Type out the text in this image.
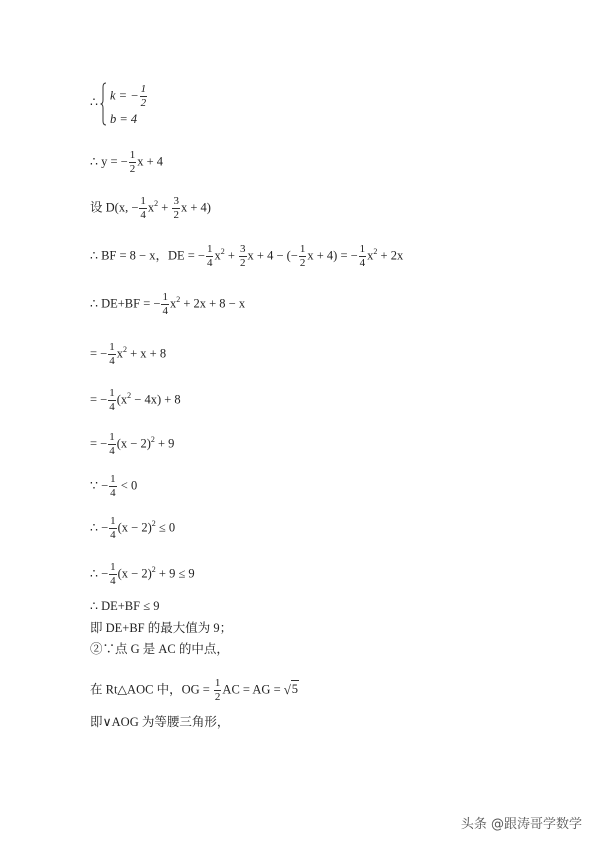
∴ k = − $\frac{1}{2}$
b = 4
∴ y = − $\frac{1}{2}$ x + 4
设 D(x, − $\frac{1}{4} x^2 + \frac{3}{2}$ x + 4)
∴ BF = 8 − x，DE = − $\frac{1}{4} x^2 + \frac{3}{2}$ x + 4 − (− $\frac{1}{2}$ x + 4) = − $\frac{1}{4} x^2 + 2x$
∴ DE+BF = − $\frac{1}{4} x^2 + 2x + 8 - x$
= − $\frac{1}{4} x^2 + x + 8$
= − $\frac{1}{4} (x^2 - 4x) + 8$
= − $\frac{1}{4} (x - 2)^2 + 9$
∵ − $\frac{1}{4} < 0$
∴ − $\frac{1}{4} (x - 2)^2 \le 0$
∴ − $\frac{1}{4} (x - 2)^2 + 9 \le 9$
∴ DE+BF ≤ 9
即 DE+BF 的最大值为 9；
②∵点 G 是 AC 的中点，
在 Rt△AOC 中，OG = $\frac{1}{2}$ AC = AG = √ 5
即∨AOG 为等腰三角形，
头条 @跟涛哥学数学
